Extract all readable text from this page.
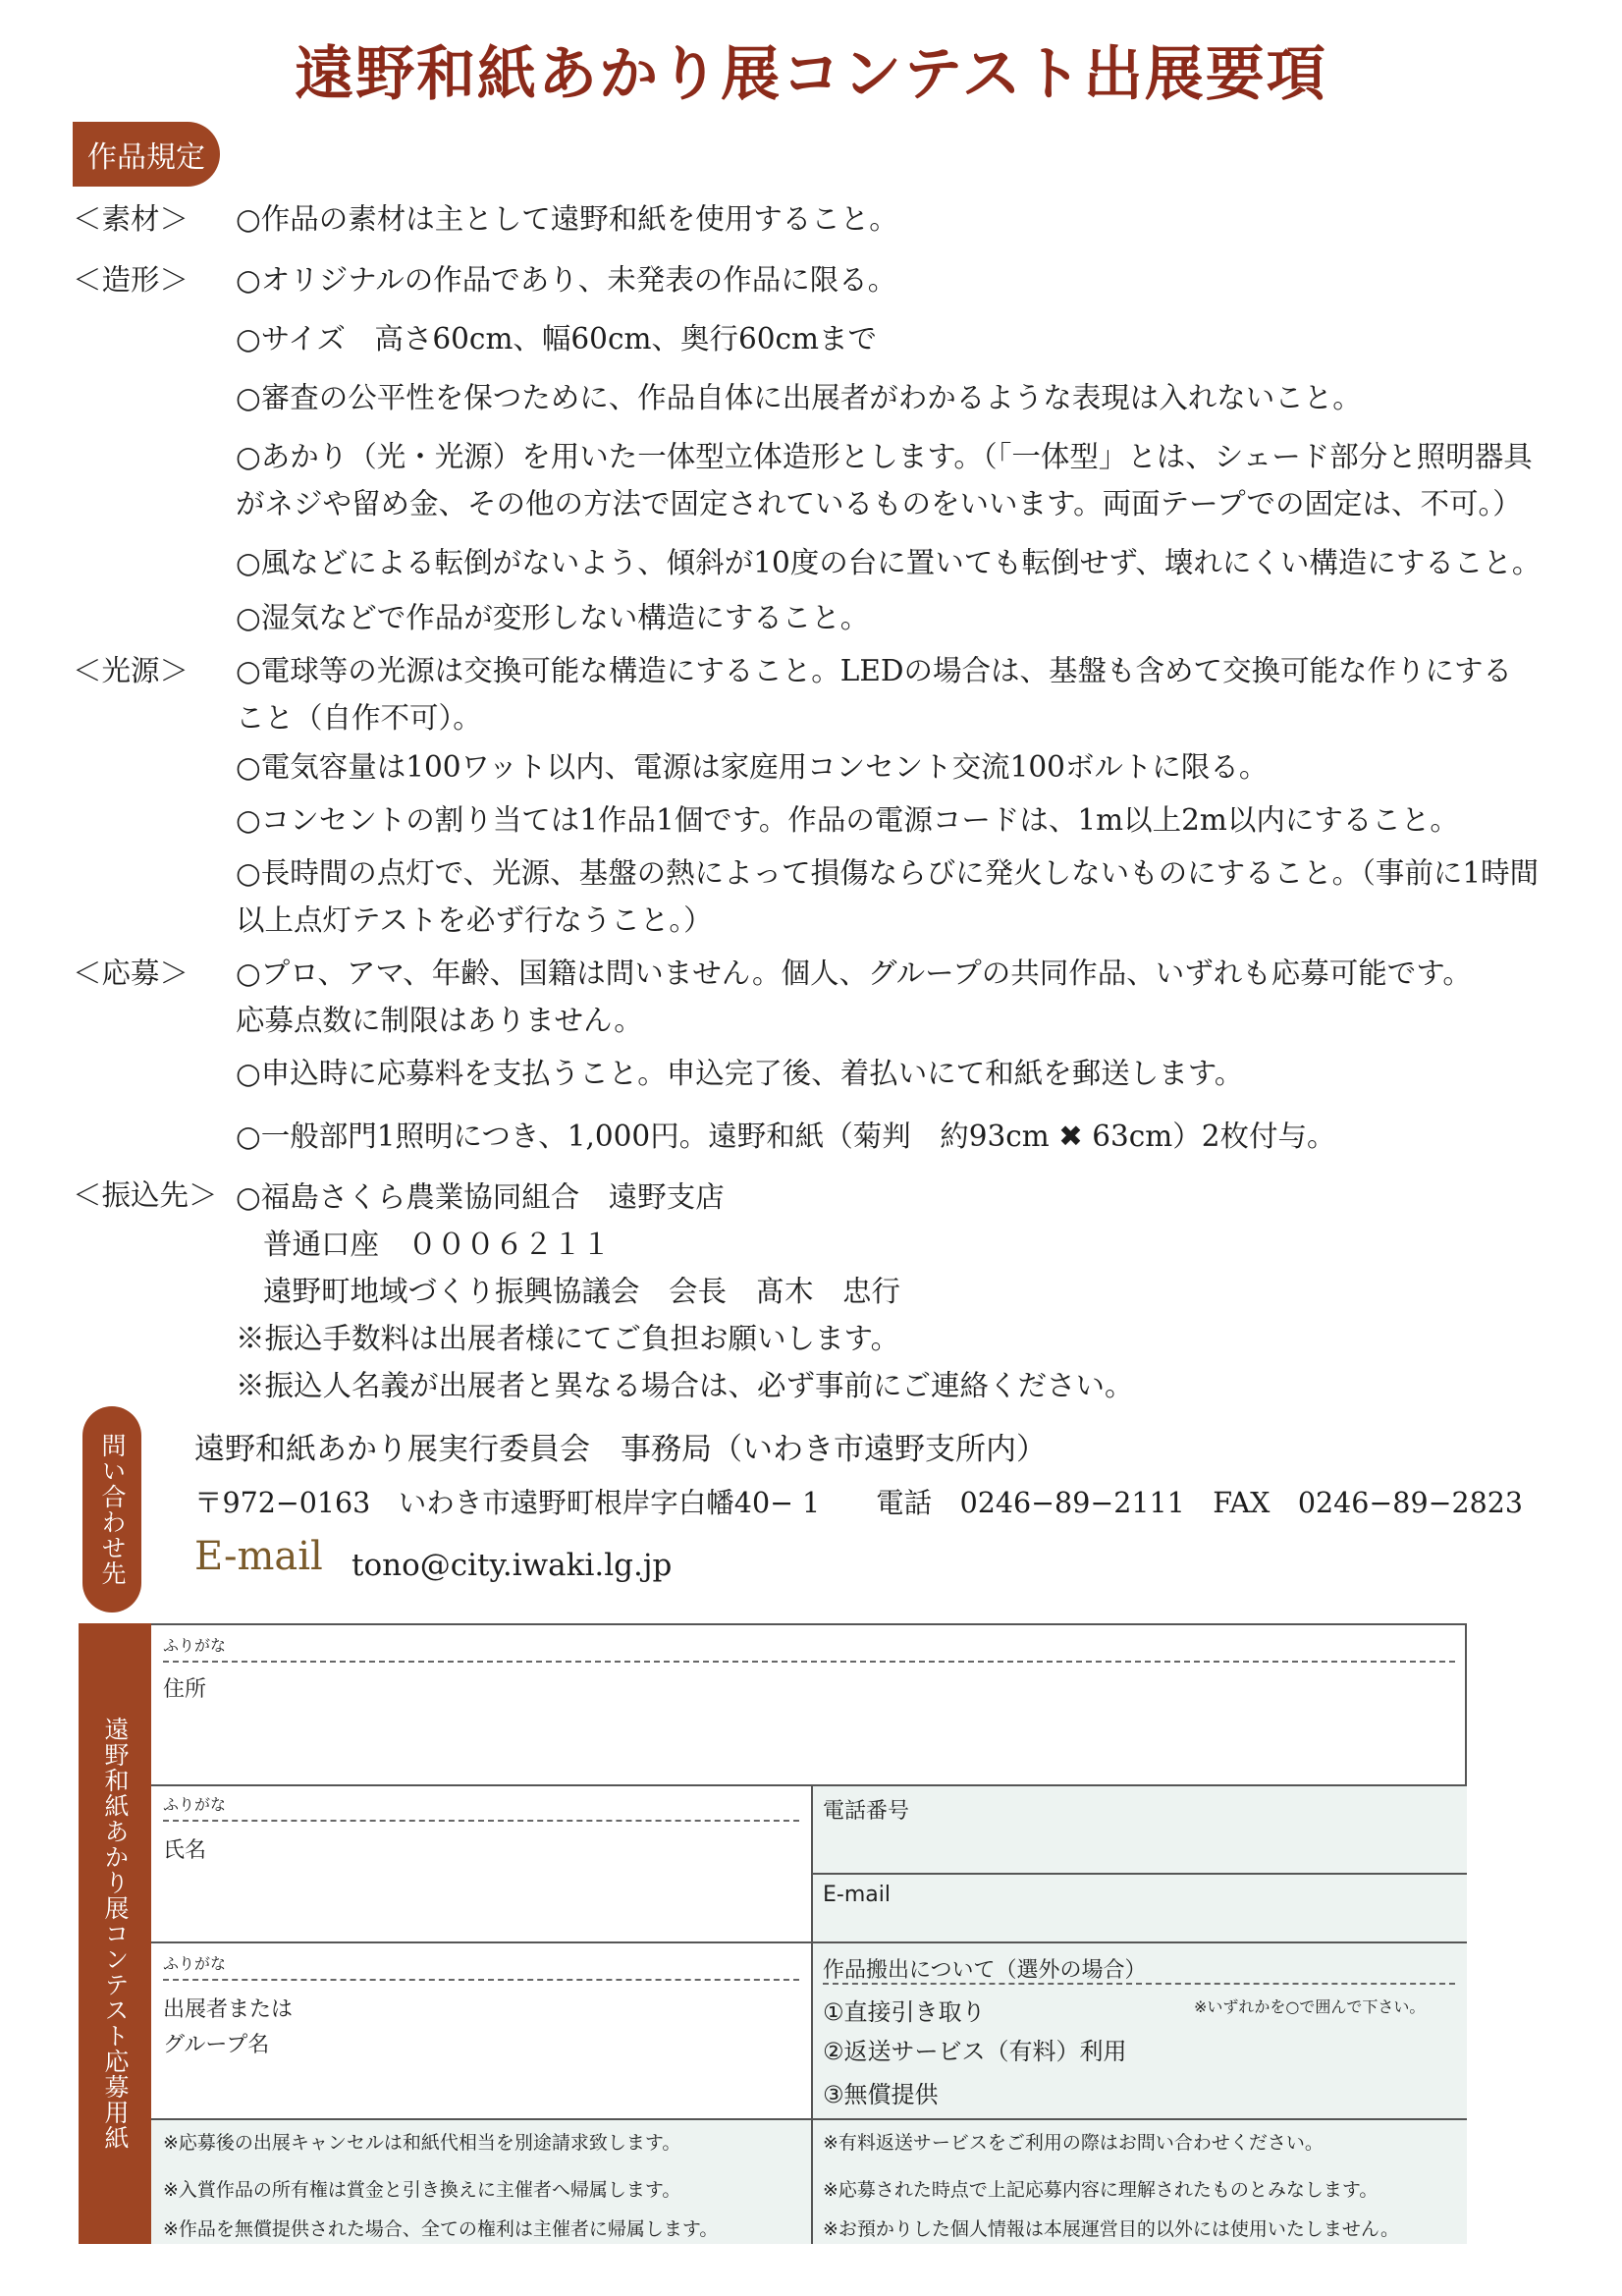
遠野和紙あかり展コンテスト出展要項
作品規定
＜素材＞ ○作品の素材は主として遠野和紙を使用すること。
＜造形＞ ○オリジナルの作品であり、未発表の作品に限る。
○サイズ　高さ60cm、幅60cm、奥行60cmまで
○審査の公平性を保つために、作品自体に出展者がわかるような表現は入れないこと。
○あかり（光・光源）を用いた一体型立体造形とします。（「一体型」とは、シェード部分と照明器具
がネジや留め金、その他の方法で固定されているものをいいます。両面テープでの固定は、不可。）
○風などによる転倒がないよう、傾斜が10度の台に置いても転倒せず、壊れにくい構造にすること。
○湿気などで作品が変形しない構造にすること。
＜光源＞ ○電球等の光源は交換可能な構造にすること。LEDの場合は、基盤も含めて交換可能な作りにする
こと（自作不可）。
○電気容量は100ワット以内、電源は家庭用コンセント交流100ボルトに限る。
○コンセントの割り当ては1作品1個です。作品の電源コードは、1m以上2m以内にすること。
○長時間の点灯で、光源、基盤の熱によって損傷ならびに発火しないものにすること。（事前に1時間
以上点灯テストを必ず行なうこと。）
＜応募＞ ○プロ、アマ、年齢、国籍は問いません。個人、グループの共同作品、いずれも応募可能です。
応募点数に制限はありません。
○申込時に応募料を支払うこと。申込完了後、着払いにて和紙を郵送します。
○一般部門1照明につき、1,000円。遠野和紙（菊判　約93cm ✖ 63cm）2枚付与。
＜振込先＞ ○福島さくら農業協同組合　遠野支店
普通口座　０００６２１１
遠野町地域づくり振興協議会　会長　髙木　忠行
※振込手数料は出展者様にてご負担お願いします。
※振込人名義が出展者と異なる場合は、必ず事前にご連絡ください。
問い合わせ先 遠野和紙あかり展実行委員会　事務局（いわき市遠野支所内）
〒972−0163　いわき市遠野町根岸字白幡40− 1　　電話　0246−89−2111　FAX　0246−89−2823
E-mail tono@city.iwaki.lg.jp
遠野和紙あかり展コンテスト応募用紙
ふりがな
住所
ふりがな
氏名
電話番号
E-mail
ふりがな
出展者または
グループ名
作品搬出について（選外の場合）
①直接引き取り	※いずれかを○で囲んで下さい。
②返送サービス（有料）利用
③無償提供
※応募後の出展キャンセルは和紙代相当を別途請求致します。
※入賞作品の所有権は賞金と引き換えに主催者へ帰属します。
※作品を無償提供された場合、全ての権利は主催者に帰属します。
※有料返送サービスをご利用の際はお問い合わせください。
※応募された時点で上記応募内容に理解されたものとみなします。
※お預かりした個人情報は本展運営目的以外には使用いたしません。
